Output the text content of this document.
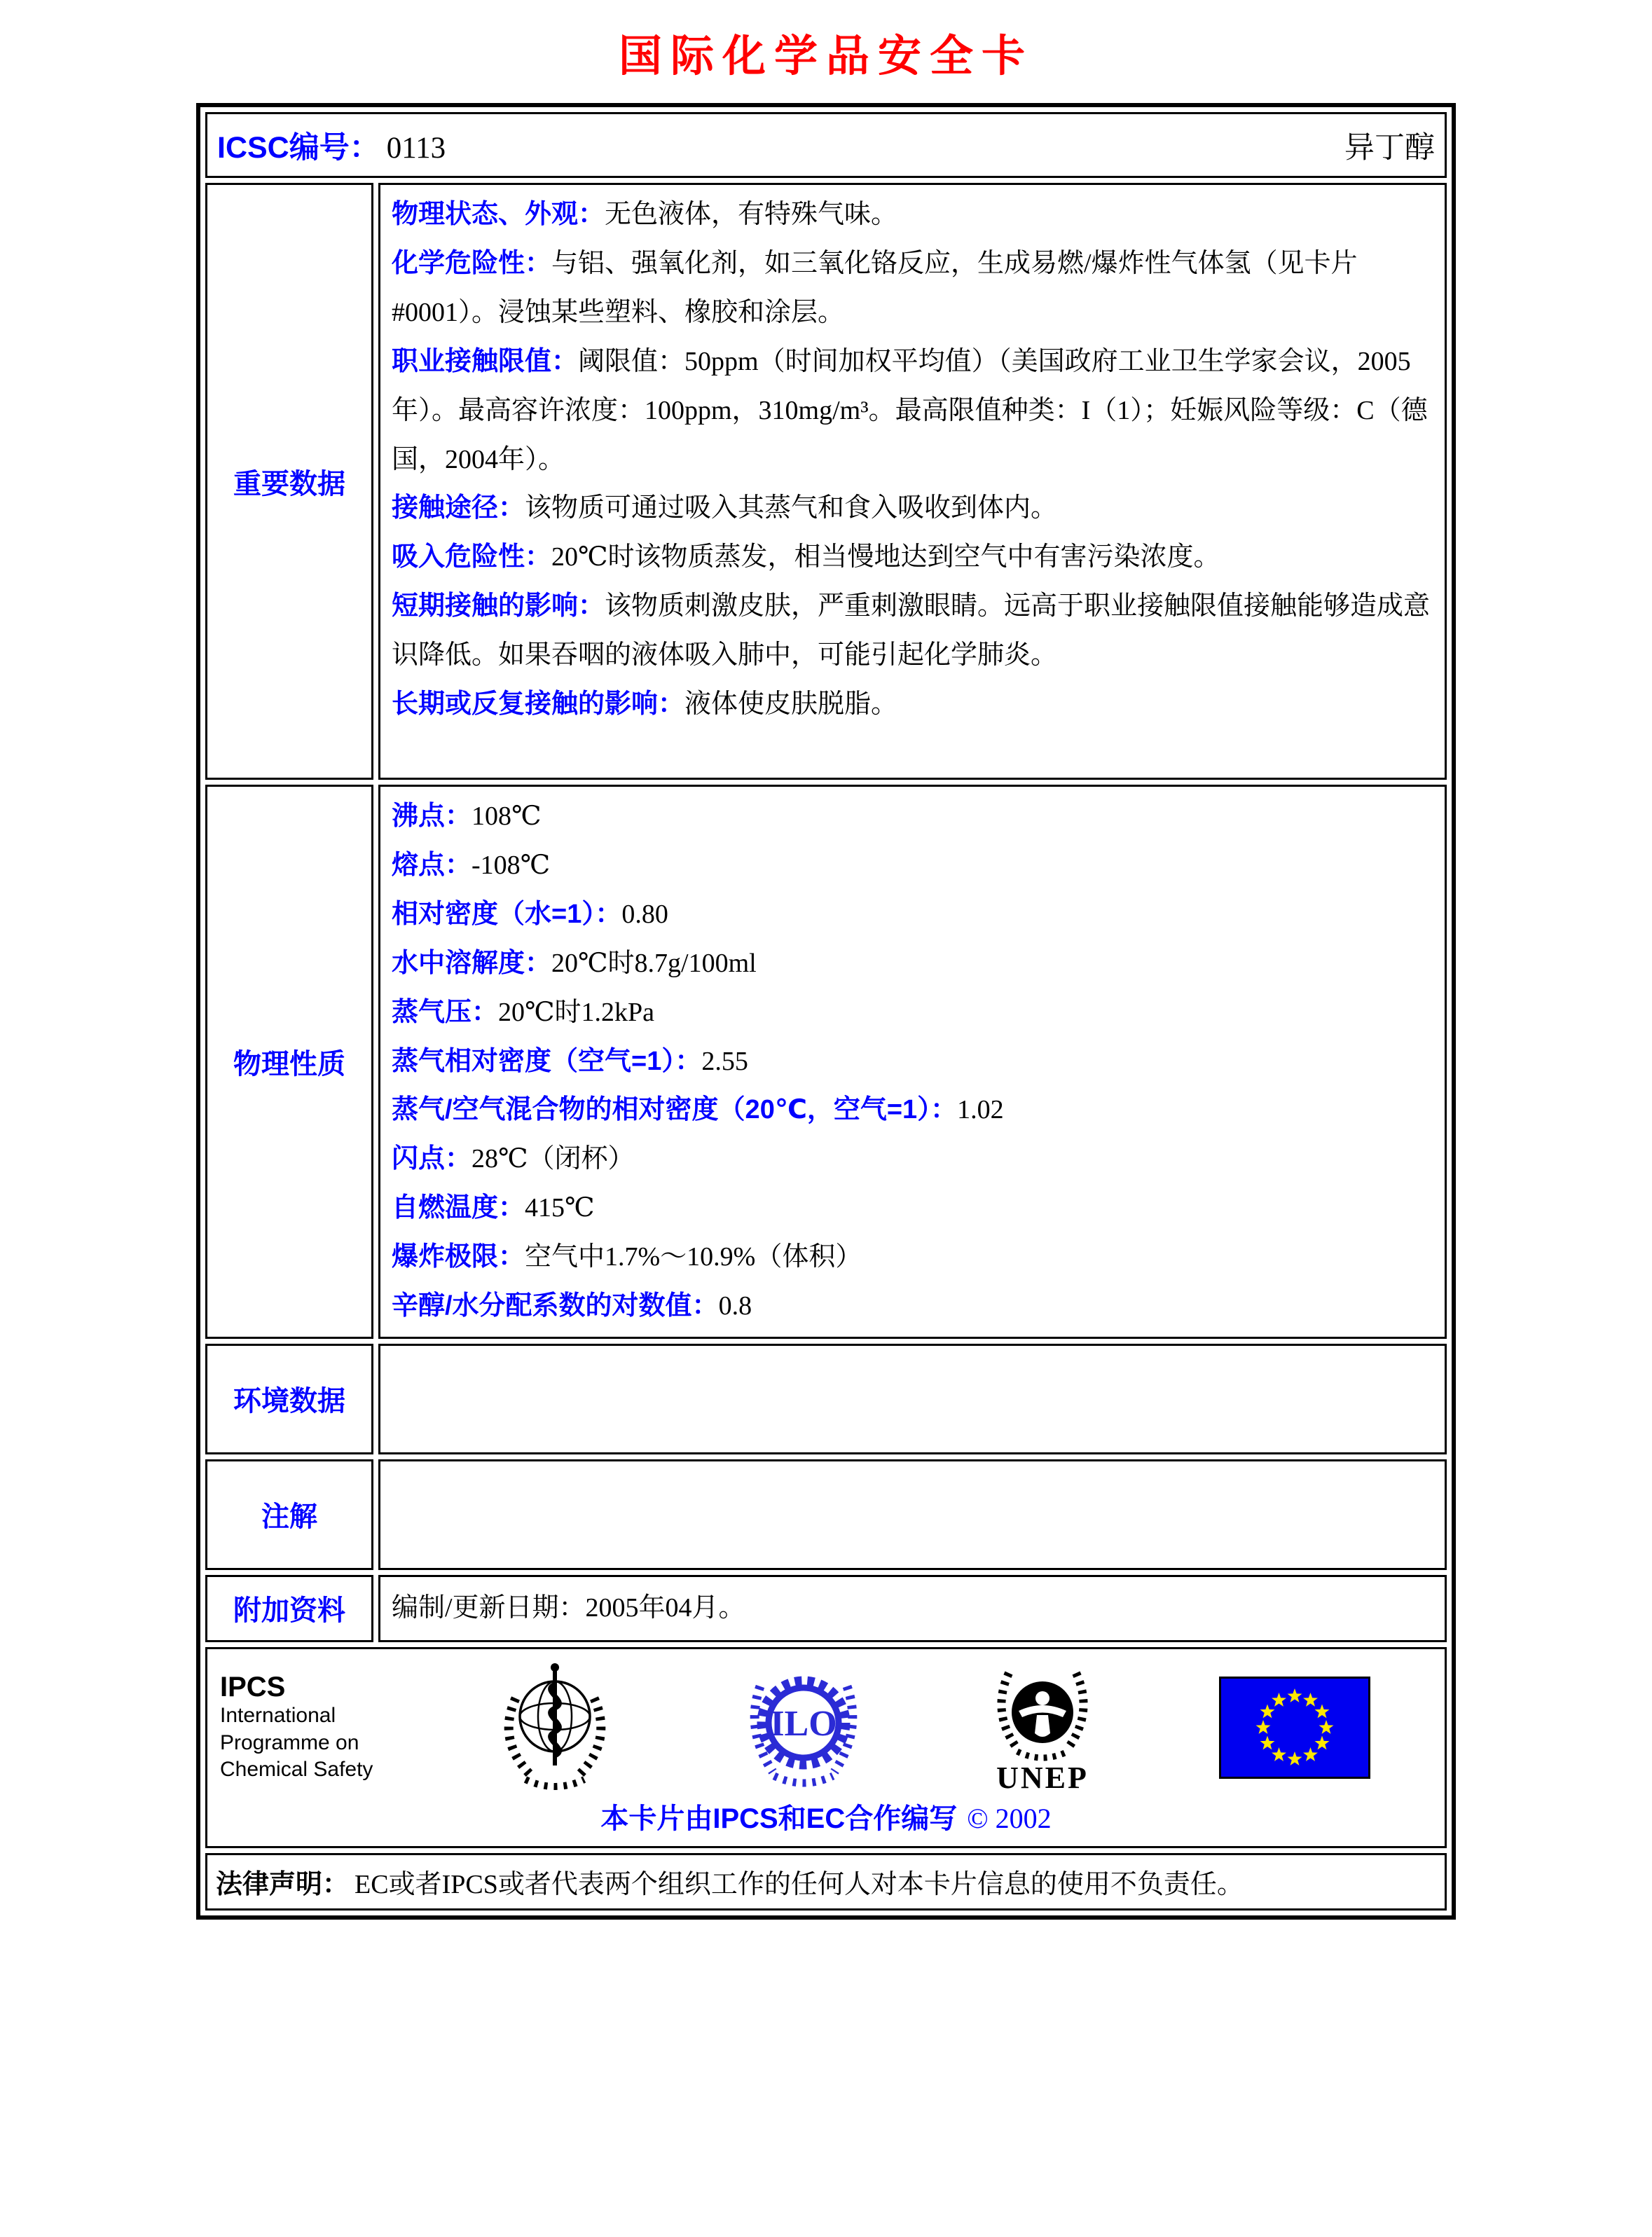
国际化学品安全卡
ICSC编号： 0113	异丁醇
重要数据

物理状态、外观：无色液体，有特殊气味。

化学危险性：与铝、强氧化剂，如三氧化铬反应，生成易燃/爆炸性气体氢（见卡片#0001）。浸蚀某些塑料、橡胶和涂层。

职业接触限值：阈限值：50ppm（时间加权平均值）（美国政府工业卫生学家会议，2005年）。最高容许浓度：100ppm，310mg/m³。最高限值种类：I（1）；妊娠风险等级：C（德国，2004年）。

接触途径：该物质可通过吸入其蒸气和食入吸收到体内。

吸入危险性：20℃时该物质蒸发，相当慢地达到空气中有害污染浓度。

短期接触的影响：该物质刺激皮肤，严重刺激眼睛。远高于职业接触限值接触能够造成意识降低。如果吞咽的液体吸入肺中，可能引起化学肺炎。

长期或反复接触的影响：液体使皮肤脱脂。

物理性质

沸点：108℃

熔点：-108℃

相对密度（水=1）：0.80

水中溶解度：20℃时8.7g/100ml

蒸气压：20℃时1.2kPa

蒸气相对密度（空气=1）：2.55

蒸气/空气混合物的相对密度（20℃，空气=1）：1.02

闪点：28℃（闭杯）

自燃温度：415℃

爆炸极限：空气中1.7%～10.9%（体积）

辛醇/水分配系数的对数值：0.8

环境数据
注解
附加资料 编制/更新日期：2005年04月。
IPCS
International
Programme on
Chemical Safety
ILO
UNEP
本卡片由IPCS和EC合作编写 © 2002
法律声明： EC或者IPCS或者代表两个组织工作的任何人对本卡片信息的使用不负责任。
